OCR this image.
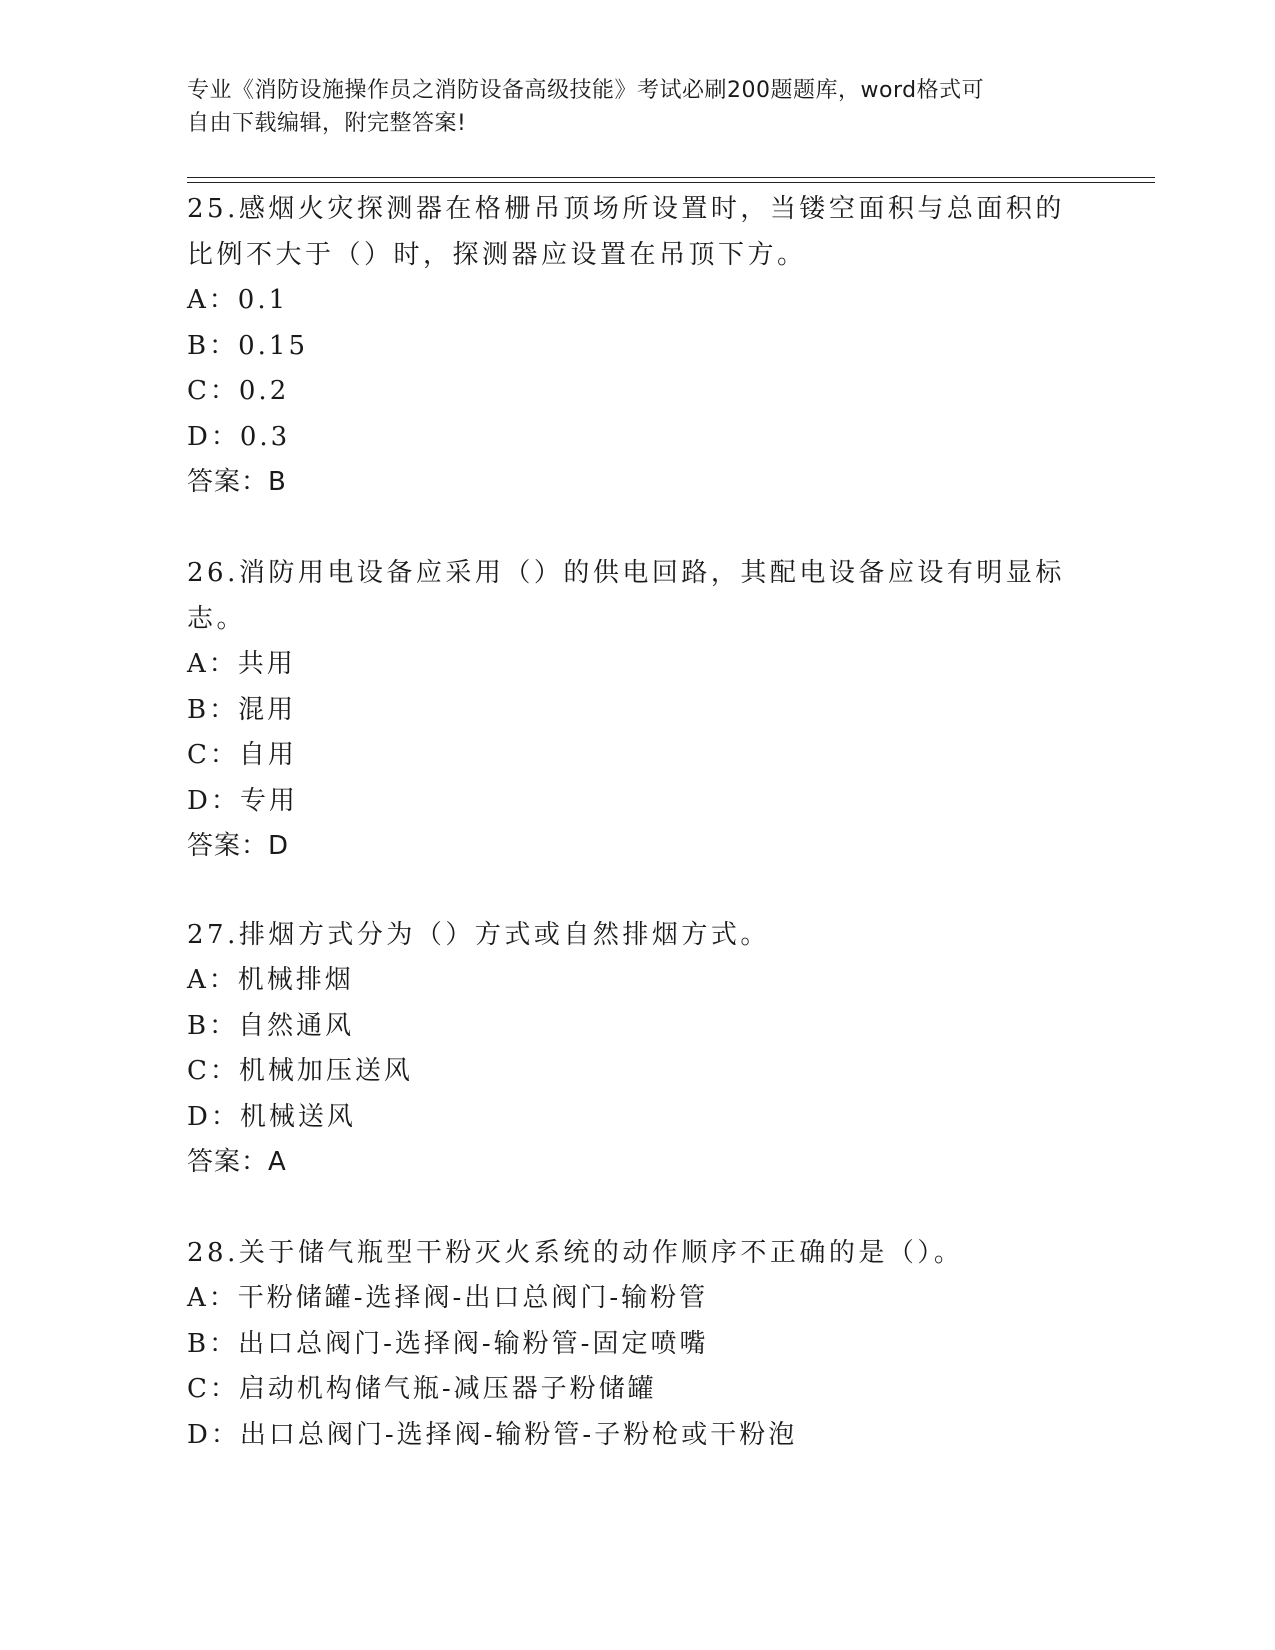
专业《消防设施操作员之消防设备高级技能》考试必刷200题题库，word格式可
自由下载编辑，附完整答案!

25.感烟火灾探测器在格栅吊顶场所设置时，当镂空面积与总面积的比例不大于（）时，探测器应设置在吊顶下方。

A：0.1

B：0.15

C：0.2

D：0.3

答案：B

26.消防用电设备应采用（）的供电回路，其配电设备应设有明显标志。

A：共用

B：混用

C：自用

D：专用

答案：D

27.排烟方式分为（）方式或自然排烟方式。

A：机械排烟

B：自然通风

C：机械加压送风

D：机械送风

答案：A

28.关于储气瓶型干粉灭火系统的动作顺序不正确的是（）。

A：干粉储罐-选择阀-出口总阀门-输粉管

B：出口总阀门-选择阀-输粉管-固定喷嘴

C：启动机构储气瓶-减压器子粉储罐

D：出口总阀门-选择阀-输粉管-子粉枪或干粉泡
